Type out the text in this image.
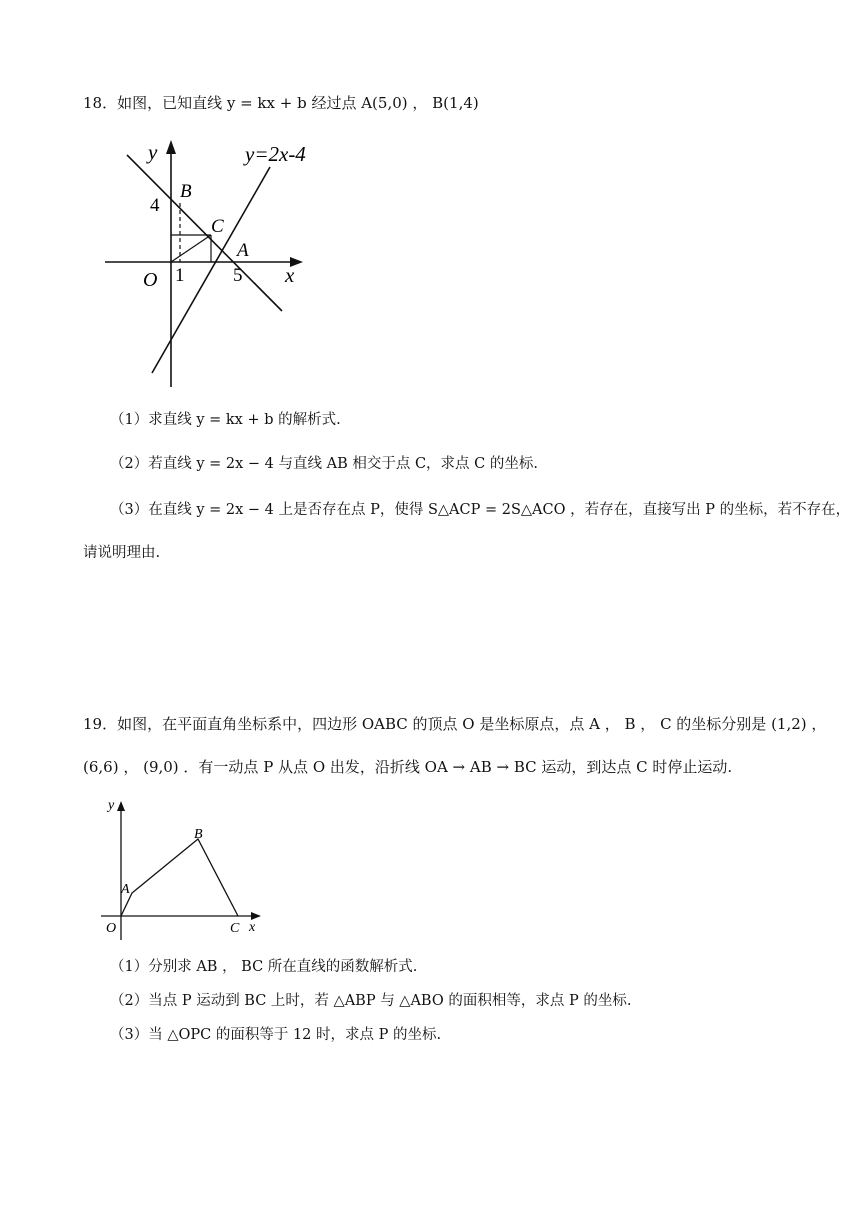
18．如图，已知直线 y = kx + b 经过点 A(5,0) ， B(1,4)
y	y=2x-4
B
4
C
A
O 1	5 x
（1）求直线 y = kx + b 的解析式.
（2）若直线 y = 2x − 4 与直线 AB 相交于点 C，求点 C 的坐标.
（3）在直线 y = 2x − 4 上是否存在点 P，使得 S△ACP = 2S△ACO ，若存在，直接写出 P 的坐标，若不存在，
请说明理由.
19．如图，在平面直角坐标系中，四边形 OABC 的顶点 O 是坐标原点，点 A ， B ， C 的坐标分别是 (1,2) ，
(6,6) ， (9,0) ．有一动点 P 从点 O 出发，沿折线 OA → AB → BC 运动，到达点 C 时停止运动.
y
B
A
O	C x
（1）分别求 AB ， BC 所在直线的函数解析式.
（2）当点 P 运动到 BC 上时，若 △ABP 与 △ABO 的面积相等，求点 P 的坐标.
（3）当 △OPC 的面积等于 12 时，求点 P 的坐标.
